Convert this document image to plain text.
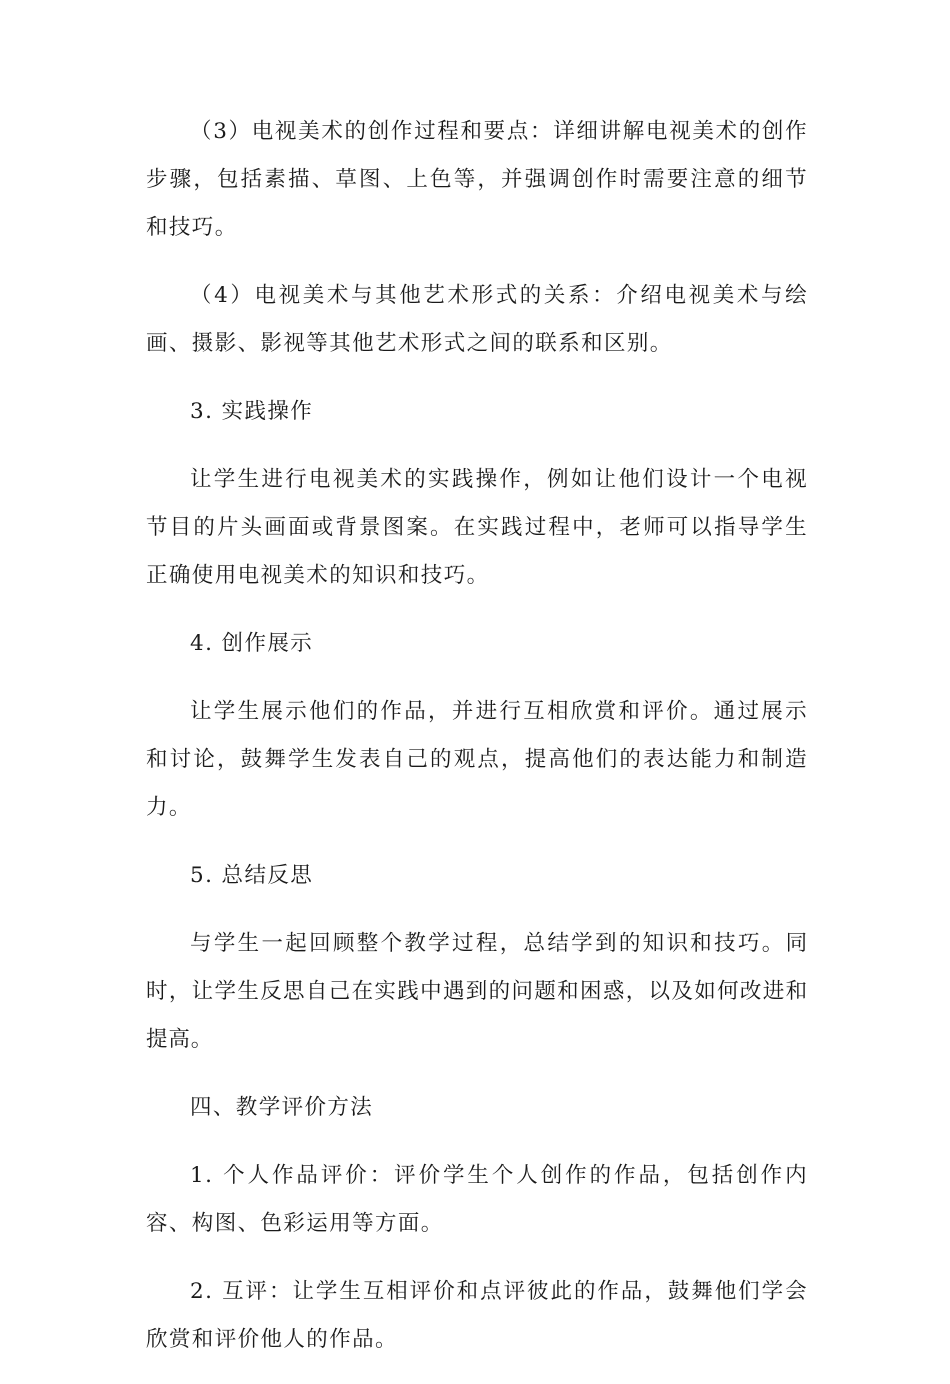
（3）电视美术的创作过程和要点：详细讲解电视美术的创作步骤，包括素描、草图、上色等，并强调创作时需要注意的细节和技巧。

（4）电视美术与其他艺术形式的关系：介绍电视美术与绘画、摄影、影视等其他艺术形式之间的联系和区别。

3. 实践操作

让学生进行电视美术的实践操作，例如让他们设计一个电视节目的片头画面或背景图案。在实践过程中，老师可以指导学生正确使用电视美术的知识和技巧。

4. 创作展示

让学生展示他们的作品，并进行互相欣赏和评价。通过展示和讨论，鼓舞学生发表自己的观点，提高他们的表达能力和制造力。

5. 总结反思

与学生一起回顾整个教学过程，总结学到的知识和技巧。同时，让学生反思自己在实践中遇到的问题和困惑，以及如何改进和提高。

四、教学评价方法

1. 个人作品评价：评价学生个人创作的作品，包括创作内容、构图、色彩运用等方面。

2. 互评：让学生互相评价和点评彼此的作品，鼓舞他们学会欣赏和评价他人的作品。
